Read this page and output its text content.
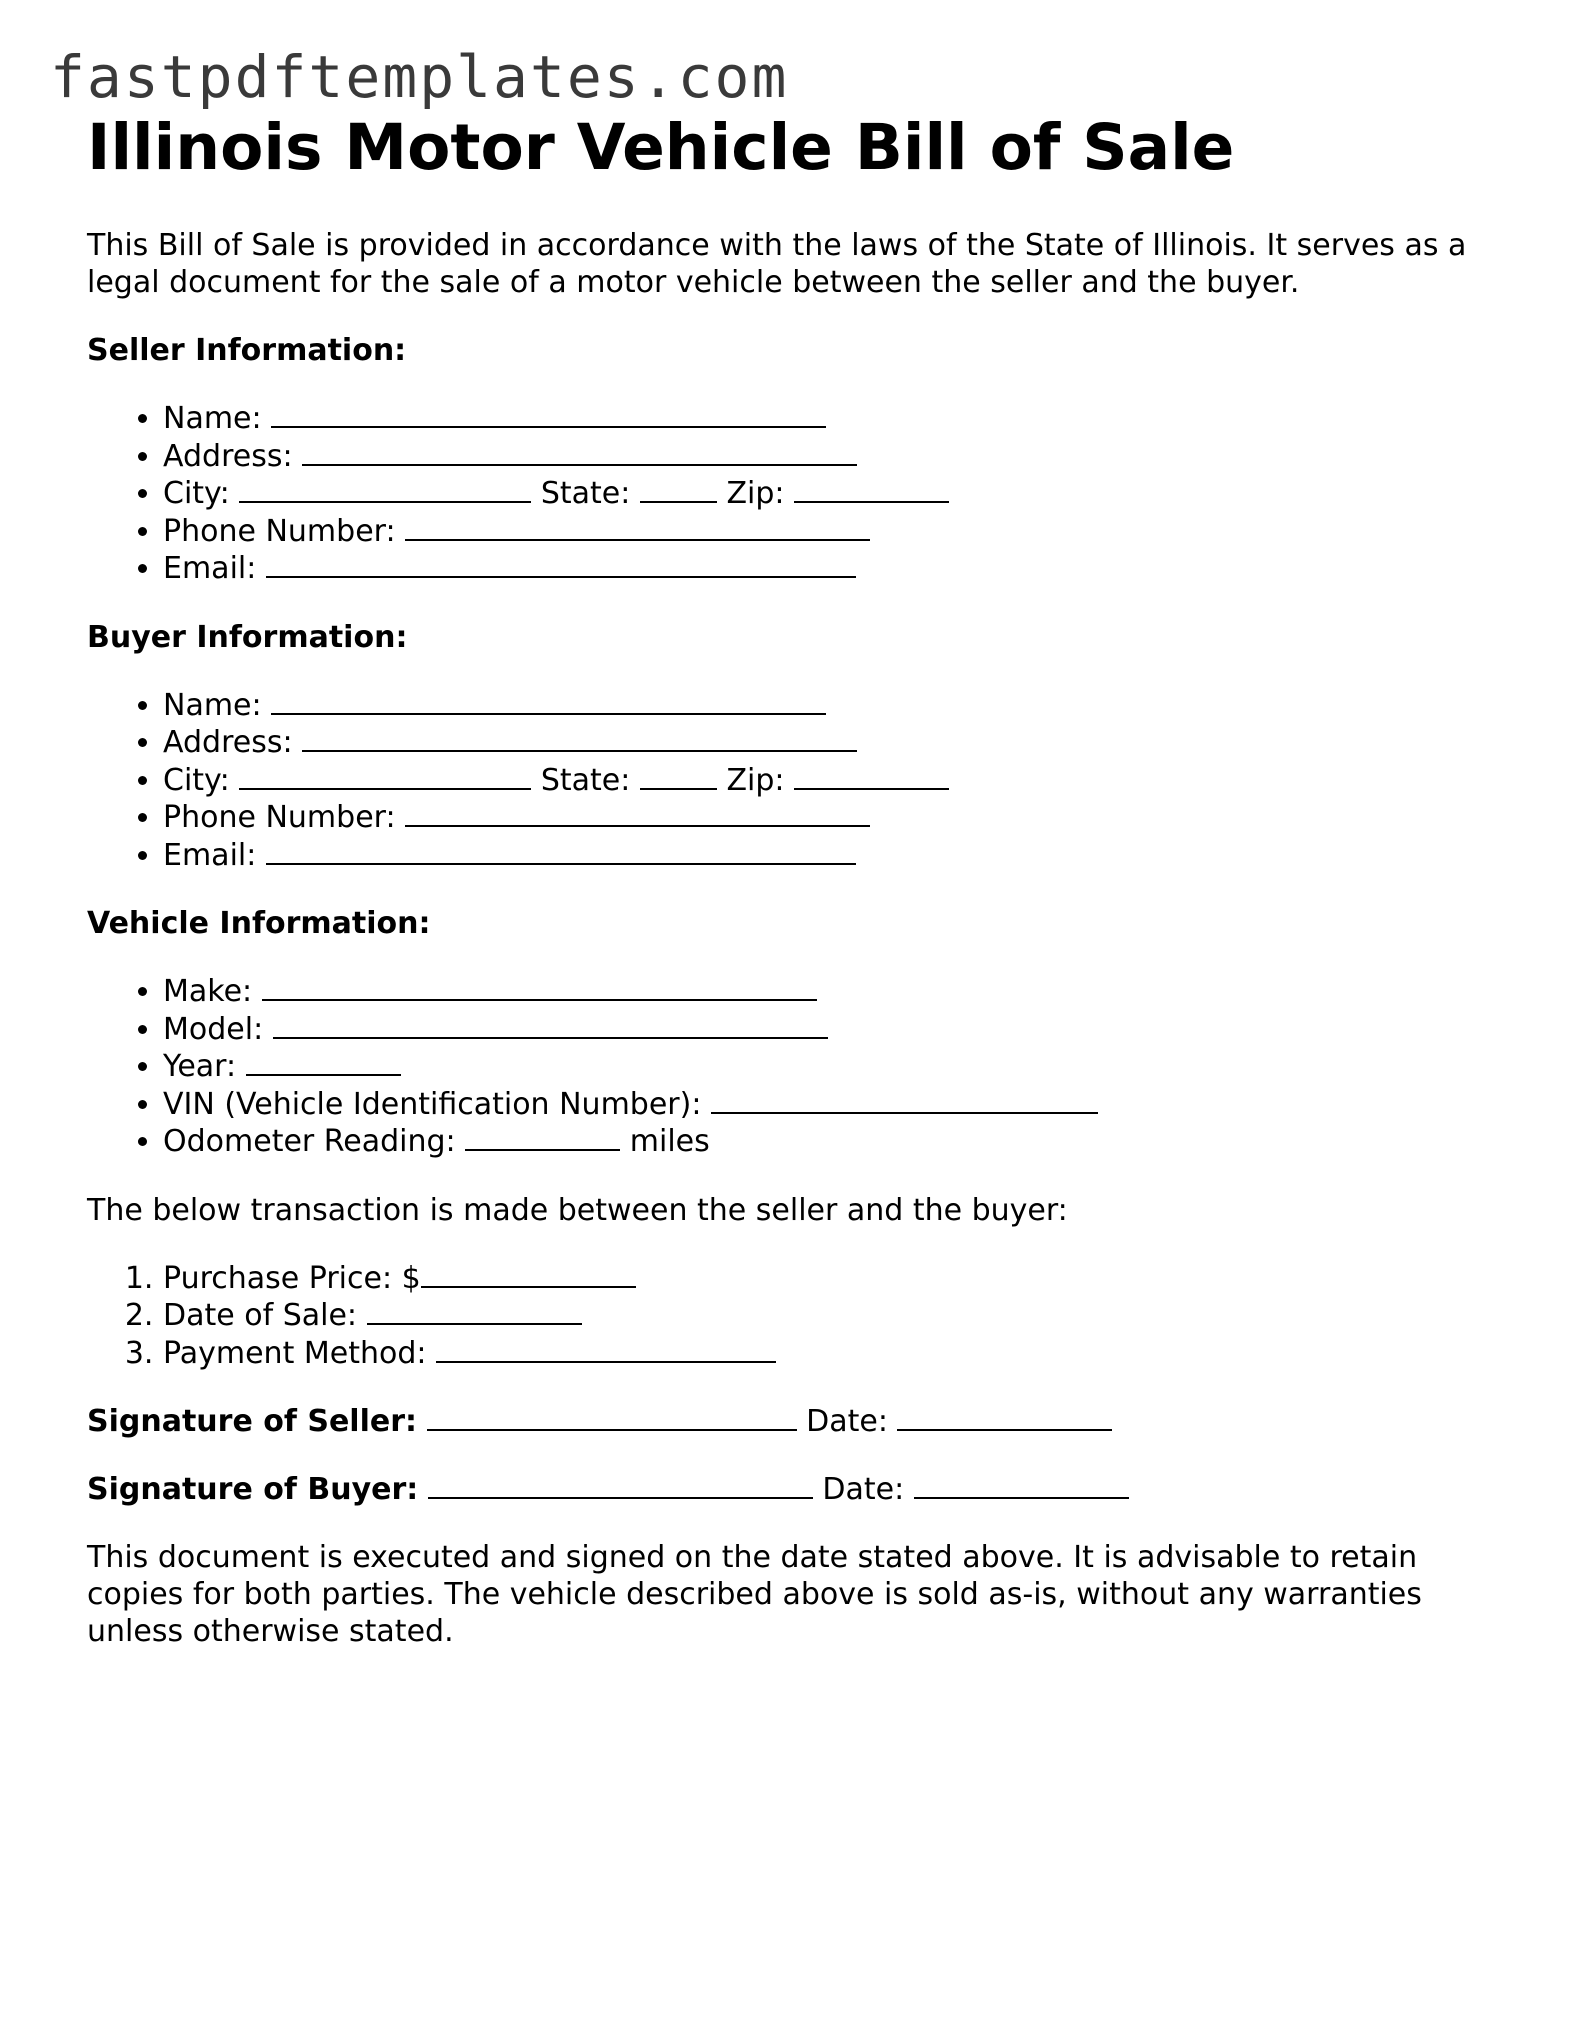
fastpdftemplates.com
Illinois Motor Vehicle Bill of Sale

This Bill of Sale is provided in accordance with the laws of the State of Illinois. It serves as a legal document for the sale of a motor vehicle between the seller and the buyer.

Seller Information:
• Name:
• Address:
• City:	State:	Zip:
• Phone Number:
• Email:
Buyer Information:
• Name:
• Address:
• City:	State:	Zip:
• Phone Number:
• Email:
Vehicle Information:
• Make:
• Model:
• Year:
• VIN (Vehicle Identification Number):
• Odometer Reading:	miles

The below transaction is made between the seller and the buyer:

1. Purchase Price: $
2. Date of Sale:
3. Payment Method:
Signature of Seller:	Date:
Signature of Buyer:	Date:

This document is executed and signed on the date stated above. It is advisable to retain copies for both parties. The vehicle described above is sold as-is, without any warranties unless otherwise stated.
